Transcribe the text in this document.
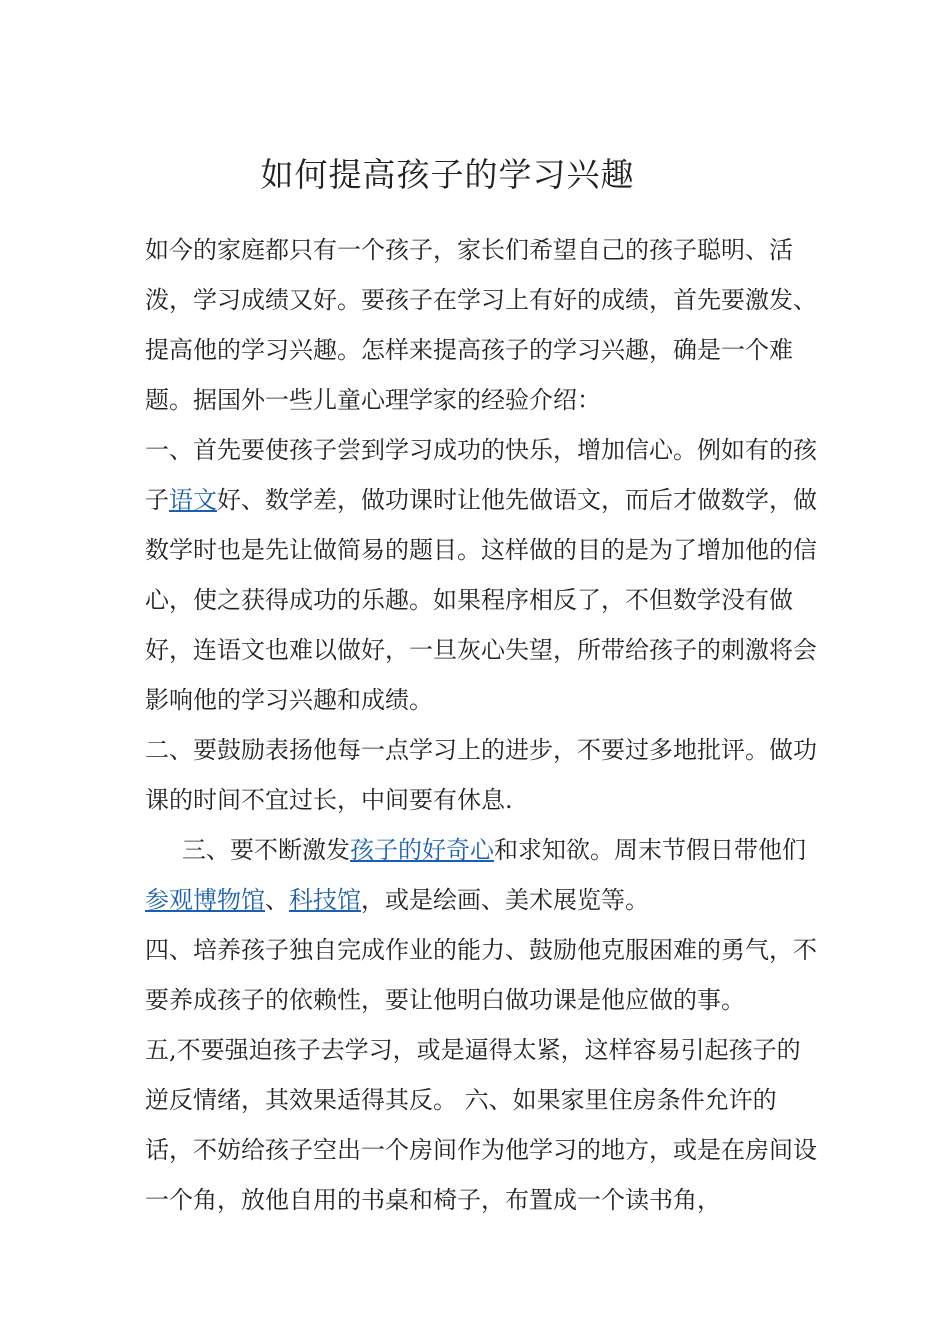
如何提高孩子的学习兴趣

如今的家庭都只有一个孩子，家长们希望自己的孩子聪明、活泼，学习成绩又好。要孩子在学习上有好的成绩，首先要激发、提高他的学习兴趣。怎样来提高孩子的学习兴趣，确是一个难题。据国外一些儿童心理学家的经验介绍：

一、首先要使孩子尝到学习成功的快乐，增加信心。例如有的孩子语文好、数学差，做功课时让他先做语文，而后才做数学，做数学时也是先让做简易的题目。这样做的目的是为了增加他的信心，使之获得成功的乐趣。如果程序相反了，不但数学没有做好，连语文也难以做好，一旦灰心失望，所带给孩子的刺激将会影响他的学习兴趣和成绩。

二、要鼓励表扬他每一点学习上的进步，不要过多地批评。做功课的时间不宜过长，中间要有休息.

三、要不断激发孩子的好奇心和求知欲。周末节假日带他们参观博物馆、科技馆，或是绘画、美术展览等。

四、培养孩子独自完成作业的能力、鼓励他克服困难的勇气，不要养成孩子的依赖性，要让他明白做功课是他应做的事。

五,不要强迫孩子去学习，或是逼得太紧，这样容易引起孩子的逆反情绪，其效果适得其反。 六、如果家里住房条件允许的话，不妨给孩子空出一个房间作为他学习的地方，或是在房间设一个角，放他自用的书桌和椅子，布置成一个读书角，
